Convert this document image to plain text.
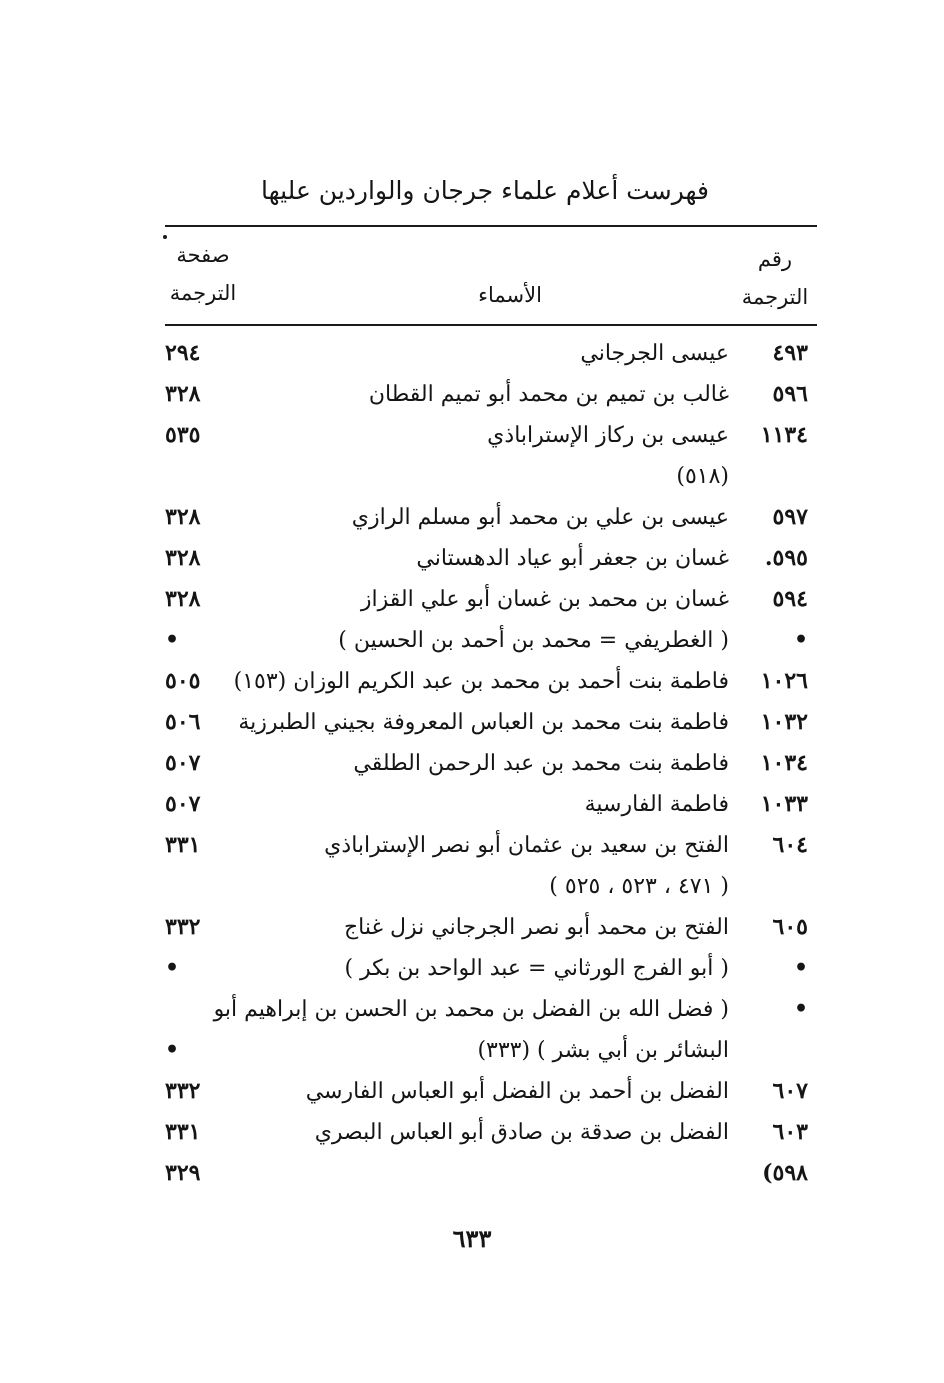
فهرست أعلام علماء جرجان والواردين عليها
رقم
الترجمة
الأسماء
صفحة
الترجمة
٤٩٣
عيسى الجرجاني
٢٩٤
٥٩٦
غالب بن تميم بن محمد أبو تميم القطان
٣٢٨
١١٣٤
عيسى بن ركاز الإستراباذي
٥٣٥
(٥١٨)
٥٩٧
عيسى بن علي بن محمد أبو مسلم الرازي
٣٢٨
٥٩٥.
غسان بن جعفر أبو عياد الدهستاني
٣٢٨
٥٩٤
غسان بن محمد بن غسان أبو علي القزاز
٣٢٨
•
( الغطريفي = محمد بن أحمد بن الحسين )
•
١٠٢٦
فاطمة بنت أحمد بن محمد بن عبد الكريم الوزان (١٥٣)
٥٠٥
١٠٣٢
فاطمة بنت محمد بن العباس المعروفة بجيني الطبرزية
٥٠٦
١٠٣٤
فاطمة بنت محمد بن عبد الرحمن الطلقي
٥٠٧
١٠٣٣
فاطمة الفارسية
٥٠٧
٦٠٤
الفتح بن سعيد بن عثمان أبو نصر الإستراباذي
٣٣١
( ٤٧١ ، ٥٢٣ ، ٥٢٥ )
٦٠٥
الفتح بن محمد أبو نصر الجرجاني نزل غناج
٣٣٢
•
( أبو الفرج الورثاني = عبد الواحد بن بكر )
•
•
( فضل الله بن الفضل بن محمد بن الحسن بن إبراهيم أبو
البشائر بن أبي بشر ) (٣٣٣)
•
٦٠٧
الفضل بن أحمد بن الفضل أبو العباس الفارسي
٣٣٢
٦٠٣
الفضل بن صدقة بن صادق أبو العباس البصري
٣٣١
٥٩٨)
٣٢٩
٦٣٣
